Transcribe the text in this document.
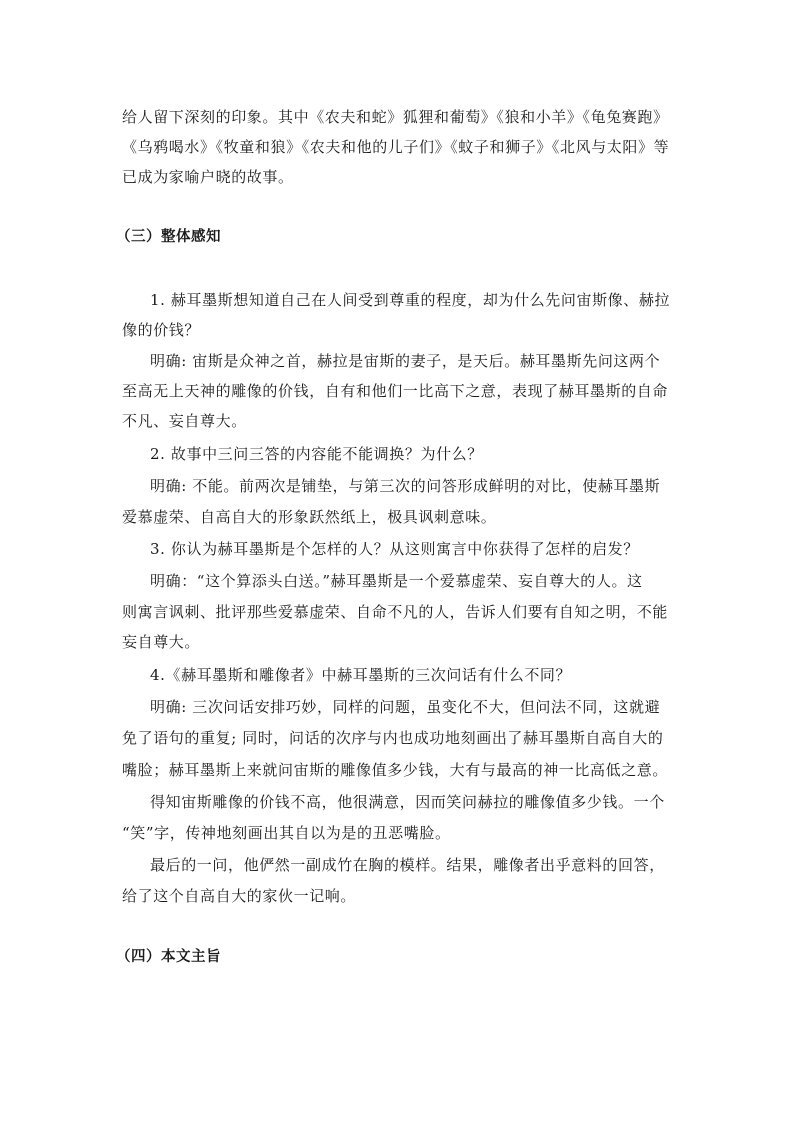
给人留下深刻的印象。其中《农夫和蛇》狐狸和葡萄》《狼和小羊》《龟兔赛跑》
《乌鸦喝水》《牧童和狼》《农夫和他的儿子们》《蚊子和狮子》《北风与太阳》等
已成为家喻户晓的故事。
（三）整体感知
1. 赫耳墨斯想知道自己在人间受到尊重的程度，却为什么先问宙斯像、赫拉
像的价钱？
明确: 宙斯是众神之首，赫拉是宙斯的妻子，是天后。赫耳墨斯先问这两个
至高无上天神的雕像的价钱，自有和他们一比高下之意，表现了赫耳墨斯的自命
不凡、妄自尊大。
2. 故事中三问三答的内容能不能调换？为什么？
明确: 不能。前两次是铺垫，与第三次的问答形成鲜明的对比，使赫耳墨斯
爱慕虚荣、自高自大的形象跃然纸上，极具讽刺意味。
3. 你认为赫耳墨斯是个怎样的人？从这则寓言中你获得了怎样的启发？
明确：“这个算添头白送。”赫耳墨斯是一个爱慕虚荣、妄自尊大的人。这
则寓言讽刺、批评那些爱慕虚荣、自命不凡的人，告诉人们要有自知之明，不能
妄自尊大。
4.《赫耳墨斯和雕像者》中赫耳墨斯的三次问话有什么不同？
明确: 三次问话安排巧妙，同样的问题，虽变化不大，但问法不同，这就避
免了语句的重复; 同时，问话的次序与内也成功地刻画出了赫耳墨斯自高自大的
嘴脸；赫耳墨斯上来就问宙斯的雕像值多少钱，大有与最高的神一比高低之意。
得知宙斯雕像的价钱不高，他很满意，因而笑问赫拉的雕像值多少钱。一个
“笑”字，传神地刻画出其自以为是的丑恶嘴脸。
最后的一问，他俨然一副成竹在胸的模样。结果，雕像者出乎意料的回答，
给了这个自高自大的家伙一记响。
（四）本文主旨
